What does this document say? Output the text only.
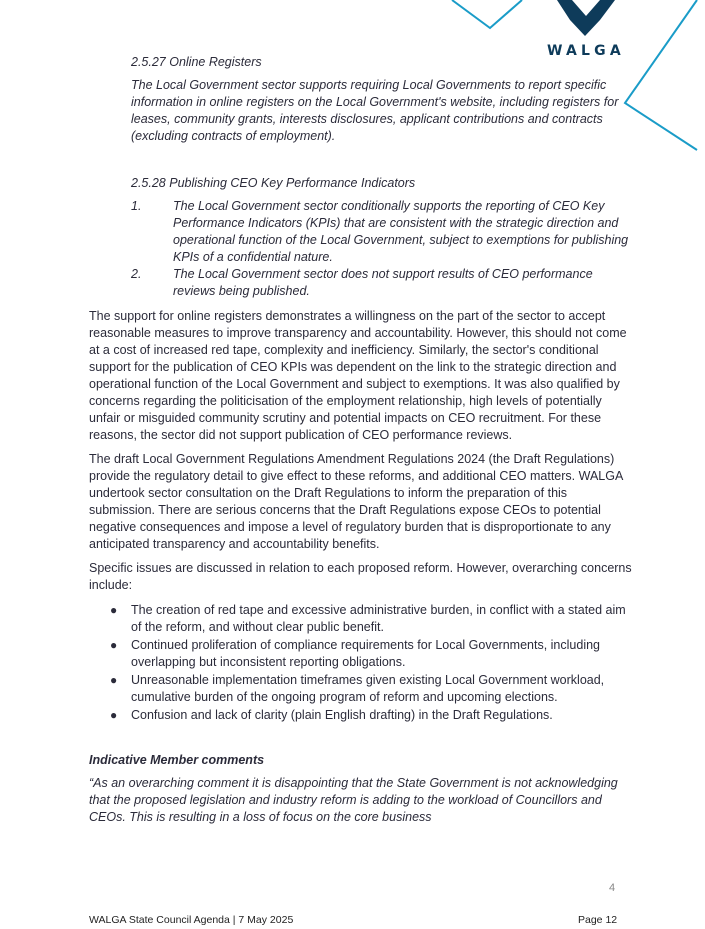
WALGA

2.5.27 Online Registers

The Local Government sector supports requiring Local Governments to report specific information in online registers on the Local Government's website, including registers for leases, community grants, interests disclosures, applicant contributions and contracts (excluding contracts of employment).

2.5.28 Publishing CEO Key Performance Indicators

1.	The Local Government sector conditionally supports the reporting of CEO Key Performance Indicators (KPIs) that are consistent with the strategic direction and operational function of the Local Government, subject to exemptions for publishing KPIs of a confidential nature.
2.	The Local Government sector does not support results of CEO performance reviews being published.

The support for online registers demonstrates a willingness on the part of the sector to accept reasonable measures to improve transparency and accountability. However, this should not come at a cost of increased red tape, complexity and inefficiency. Similarly, the sector's conditional support for the publication of CEO KPIs was dependent on the link to the strategic direction and operational function of the Local Government and subject to exemptions. It was also qualified by concerns regarding the politicisation of the employment relationship, high levels of potentially unfair or misguided community scrutiny and potential impacts on CEO recruitment. For these reasons, the sector did not support publication of CEO performance reviews.

The draft Local Government Regulations Amendment Regulations 2024 (the Draft Regulations) provide the regulatory detail to give effect to these reforms, and additional CEO matters. WALGA undertook sector consultation on the Draft Regulations to inform the preparation of this submission. There are serious concerns that the Draft Regulations expose CEOs to potential negative consequences and impose a level of regulatory burden that is disproportionate to any anticipated transparency and accountability benefits.

Specific issues are discussed in relation to each proposed reform. However, overarching concerns include:

●	The creation of red tape and excessive administrative burden, in conflict with a stated aim of the reform, and without clear public benefit.
●	Continued proliferation of compliance requirements for Local Governments, including overlapping but inconsistent reporting obligations.
●	Unreasonable implementation timeframes given existing Local Government workload, cumulative burden of the ongoing program of reform and upcoming elections.
●	Confusion and lack of clarity (plain English drafting) in the Draft Regulations.

Indicative Member comments

“As an overarching comment it is disappointing that the State Government is not acknowledging that the proposed legislation and industry reform is adding to the workload of Councillors and CEOs. This is resulting in a loss of focus on the core business

4
WALGA State Council Agenda | 7 May 2025	Page 12
